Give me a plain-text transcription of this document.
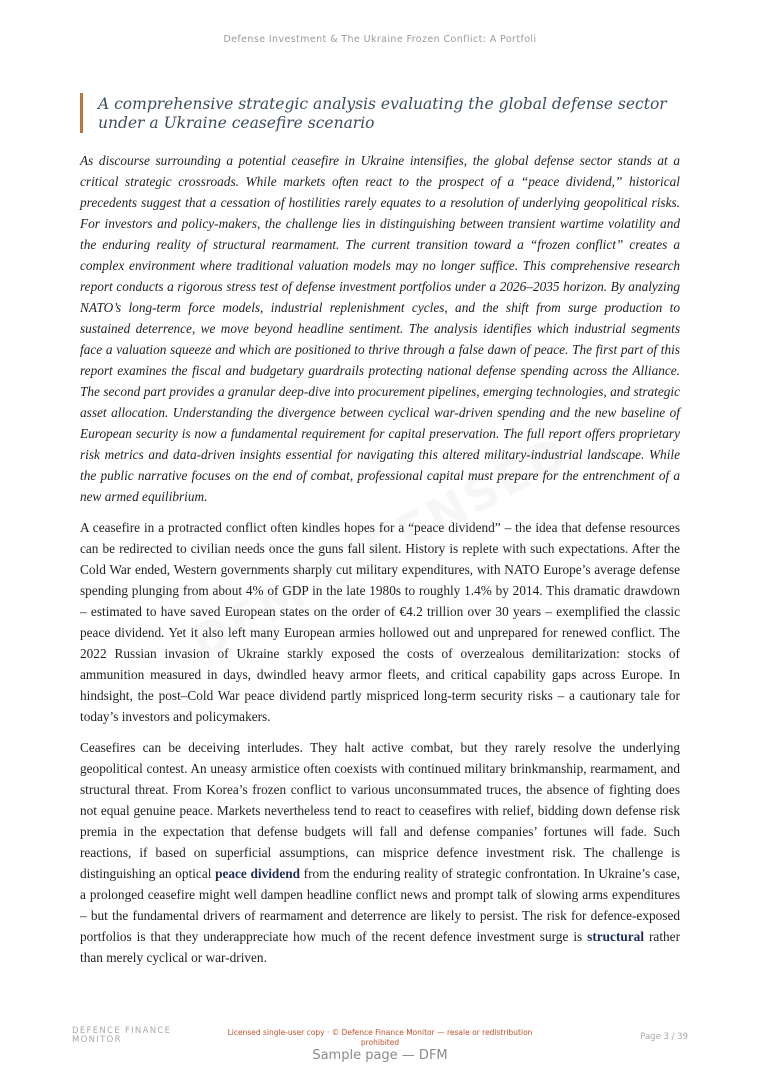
Defense Investment & The Ukraine Frozen Conflict: A Portfoli
A comprehensive strategic analysis evaluating the global defense sector under a Ukraine ceasefire scenario

As discourse surrounding a potential ceasefire in Ukraine intensifies, the global defense sector stands at a critical strategic crossroads. While markets often react to the prospect of a “peace dividend,” historical precedents suggest that a cessation of hostilities rarely equates to a resolution of underlying geopolitical risks. For investors and policy-makers, the challenge lies in distinguishing between transient wartime volatility and the enduring reality of structural rearmament. The current transition toward a “frozen conflict” creates a complex environment where traditional valuation models may no longer suffice. This comprehensive research report conducts a rigorous stress test of defense investment portfolios under a 2026–2035 horizon. By analyzing NATO’s long-term force models, industrial replenishment cycles, and the shift from surge production to sustained deterrence, we move beyond headline sentiment. The analysis identifies which industrial segments face a valuation squeeze and which are positioned to thrive through a false dawn of peace. The first part of this report examines the fiscal and budgetary guardrails protecting national defense spending across the Alliance. The second part provides a granular deep-dive into procurement pipelines, emerging technologies, and strategic asset allocation. Understanding the divergence between cyclical war-driven spending and the new baseline of European security is now a fundamental requirement for capital preservation. The full report offers proprietary risk metrics and data-driven insights essential for navigating this altered military-industrial landscape. While the public narrative focuses on the end of combat, professional capital must prepare for the entrenchment of a new armed equilibrium.

A ceasefire in a protracted conflict often kindles hopes for a “peace dividend” – the idea that defense resources can be redirected to civilian needs once the guns fall silent. History is replete with such expectations. After the Cold War ended, Western governments sharply cut military expenditures, with NATO Europe’s average defense spending plunging from about 4% of GDP in the late 1980s to roughly 1.4% by 2014. This dramatic drawdown – estimated to have saved European states on the order of €4.2 trillion over 30 years – exemplified the classic peace dividend. Yet it also left many European armies hollowed out and unprepared for renewed conflict. The 2022 Russian invasion of Ukraine starkly exposed the costs of overzealous demilitarization: stocks of ammunition measured in days, dwindled heavy armor fleets, and critical capability gaps across Europe. In hindsight, the post–Cold War peace dividend partly mispriced long-term security risks – a cautionary tale for today’s investors and policymakers.

Ceasefires can be deceiving interludes. They halt active combat, but they rarely resolve the underlying geopolitical contest. An uneasy armistice often coexists with continued military brinkmanship, rearmament, and structural threat. From Korea’s frozen conflict to various unconsummated truces, the absence of fighting does not equal genuine peace. Markets nevertheless tend to react to ceasefires with relief, bidding down defense risk premia in the expectation that defense budgets will fall and defense companies’ fortunes will fade. Such reactions, if based on superficial assumptions, can misprice defence investment risk. The challenge is distinguishing an optical peace dividend from the enduring reality of strategic confrontation. In Ukraine’s case, a prolonged ceasefire might well dampen headline conflict news and prompt talk of slowing arms expenditures – but the fundamental drivers of rearmament and deterrence are likely to persist. The risk for defence-exposed portfolios is that they underappreciate how much of the recent defence investment surge is structural rather than merely cyclical or war-driven.

DEFENCE FINANCE
MONITOR
Licensed single-user copy · © Defence Finance Monitor — resale or redistribution prohibited	Page 3 / 39
Sample page — DFM
